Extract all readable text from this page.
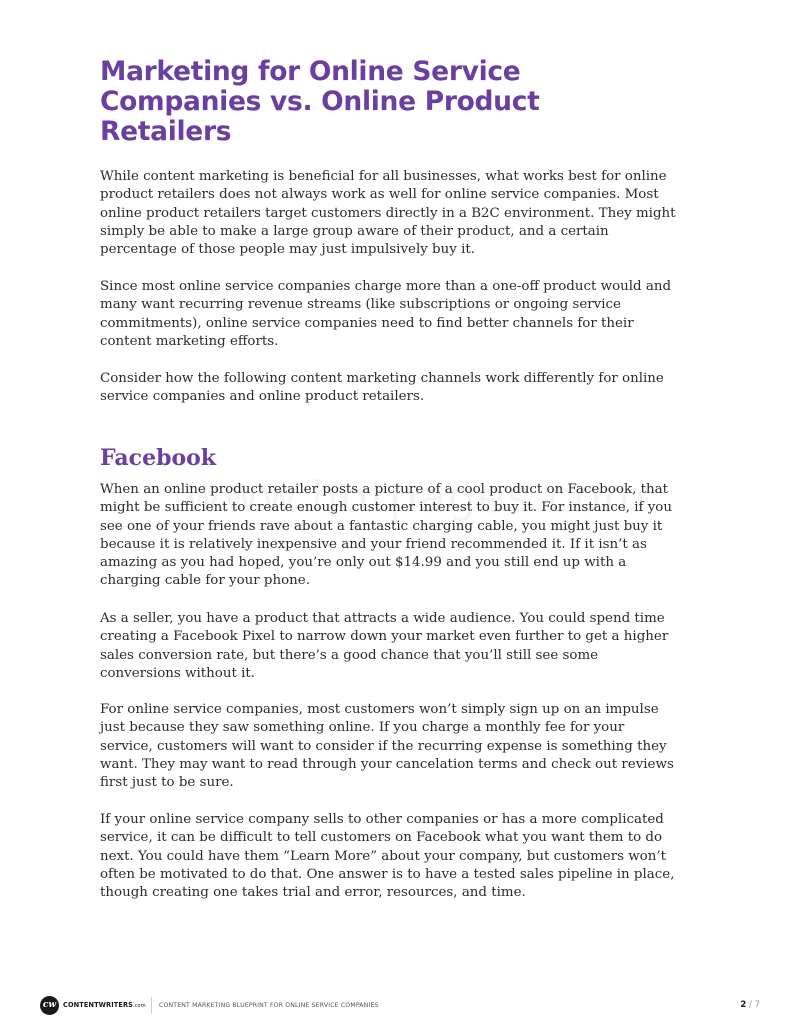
Marketing for Online Service Companies vs. Online Product Retailers

While content marketing is beneficial for all businesses, what works best for online product retailers does not always work as well for online service companies. Most online product retailers target customers directly in a B2C environment. They might simply be able to make a large group aware of their product, and a certain percentage of those people may just impulsively buy it.

Since most online service companies charge more than a one-off product would and many want recurring revenue streams (like subscriptions or ongoing service commitments), online service companies need to find better channels for their content marketing efforts.

Consider how the following content marketing channels work differently for online service companies and online product retailers.

Facebook

When an online product retailer posts a picture of a cool product on Facebook, that might be sufficient to create enough customer interest to buy it. For instance, if you see one of your friends rave about a fantastic charging cable, you might just buy it because it is relatively inexpensive and your friend recommended it. If it isn’t as amazing as you had hoped, you’re only out $14.99 and you still end up with a charging cable for your phone.

As a seller, you have a product that attracts a wide audience. You could spend time creating a Facebook Pixel to narrow down your market even further to get a higher sales conversion rate, but there’s a good chance that you’ll still see some conversions without it.

For online service companies, most customers won’t simply sign up on an impulse just because they saw something online. If you charge a monthly fee for your service, customers will want to consider if the recurring expense is something they want. They may want to read through your cancelation terms and check out reviews first just to be sure.

If your online service company sells to other companies or has a more complicated service, it can be difficult to tell customers on Facebook what you want them to do next. You could have them “Learn More” about your company, but customers won’t often be motivated to do that. One answer is to have a tested sales pipeline in place, though creating one takes trial and error, resources, and time.

cw	CONTENTWRITERS.com CONTENT MARKETING BLUEPRINT FOR ONLINE SERVICE COMPANIES	2 / 7
